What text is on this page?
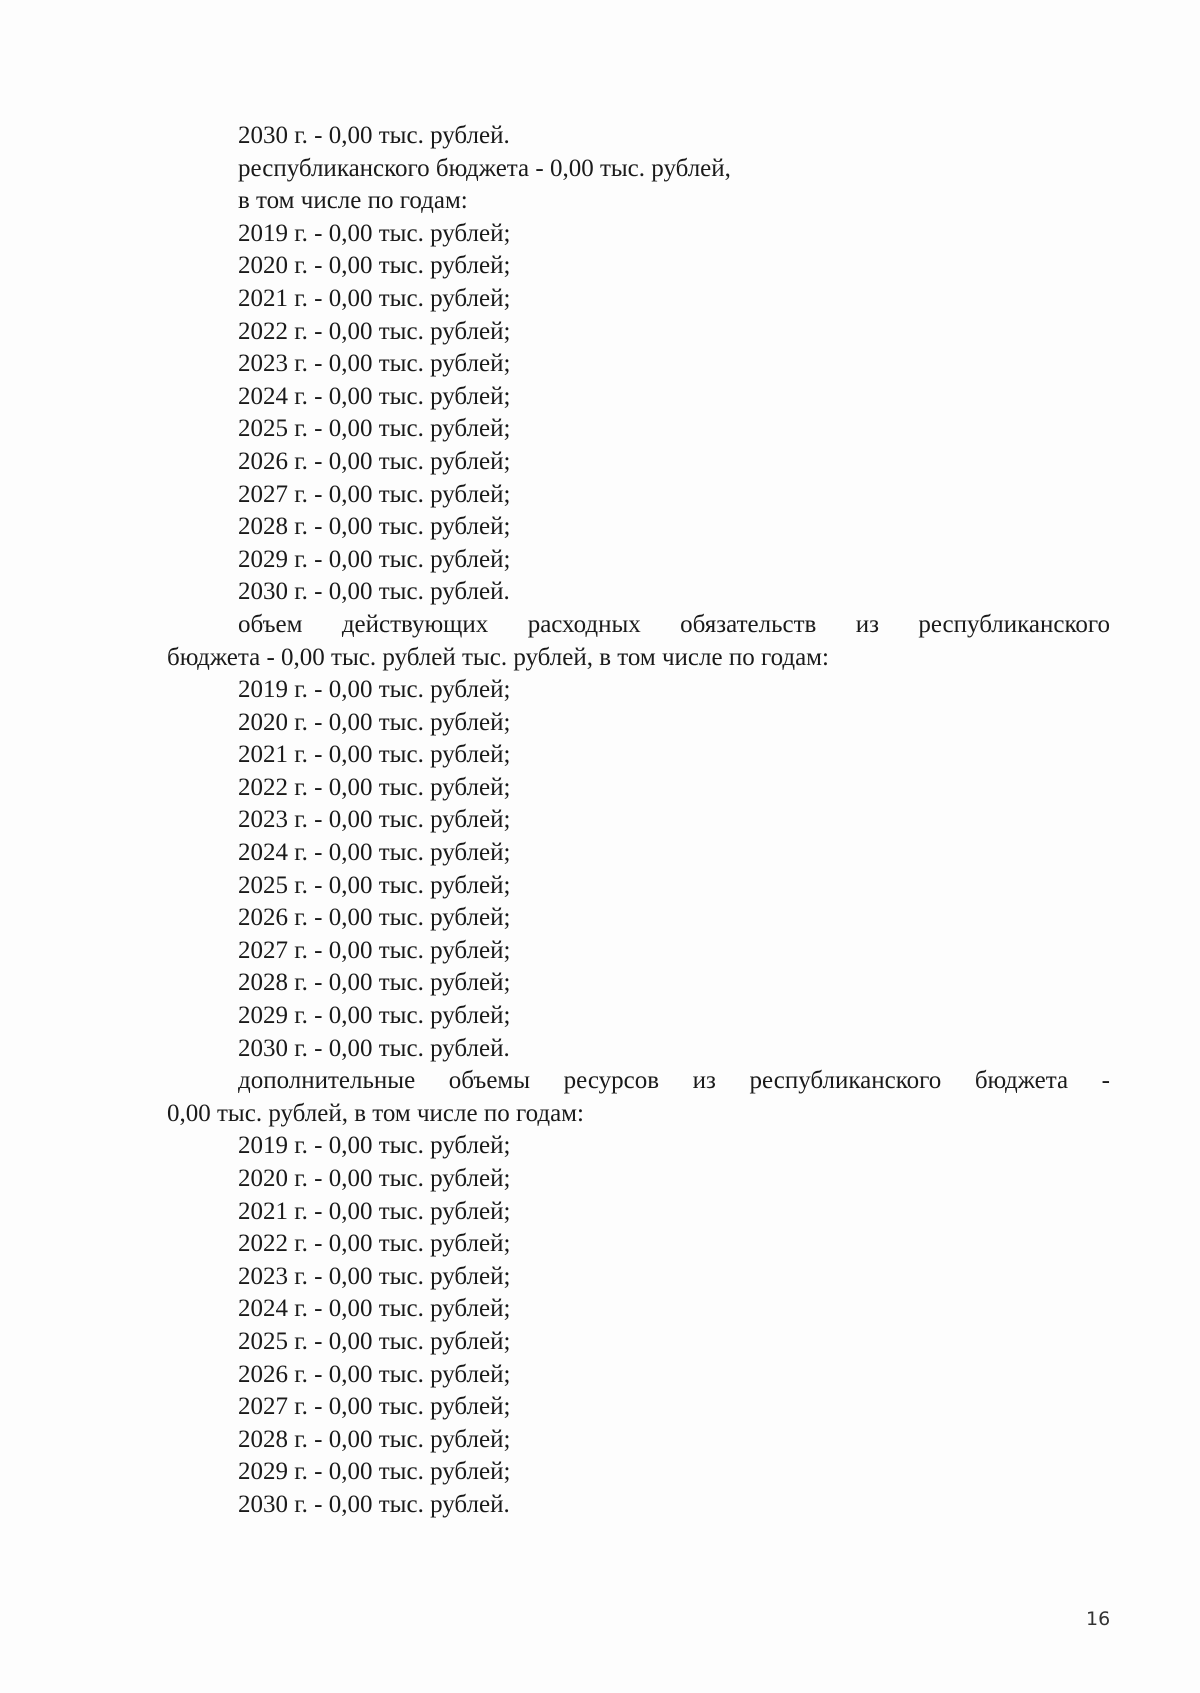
2030 г. - 0,00 тыс. рублей.
республиканского бюджета - 0,00 тыс. рублей,
в том числе по годам:
2019 г. - 0,00 тыс. рублей;
2020 г. - 0,00 тыс. рублей;
2021 г. - 0,00 тыс. рублей;
2022 г. - 0,00 тыс. рублей;
2023 г. - 0,00 тыс. рублей;
2024 г. - 0,00 тыс. рублей;
2025 г. - 0,00 тыс. рублей;
2026 г. - 0,00 тыс. рублей;
2027 г. - 0,00 тыс. рублей;
2028 г. - 0,00 тыс. рублей;
2029 г. - 0,00 тыс. рублей;
2030 г. - 0,00 тыс. рублей.
объем действующих расходных обязательств из республиканского
бюджета - 0,00 тыс. рублей тыс. рублей, в том числе по годам:
2019 г. - 0,00 тыс. рублей;
2020 г. - 0,00 тыс. рублей;
2021 г. - 0,00 тыс. рублей;
2022 г. - 0,00 тыс. рублей;
2023 г. - 0,00 тыс. рублей;
2024 г. - 0,00 тыс. рублей;
2025 г. - 0,00 тыс. рублей;
2026 г. - 0,00 тыс. рублей;
2027 г. - 0,00 тыс. рублей;
2028 г. - 0,00 тыс. рублей;
2029 г. - 0,00 тыс. рублей;
2030 г. - 0,00 тыс. рублей.
дополнительные объемы ресурсов из республиканского бюджета -
0,00 тыс. рублей, в том числе по годам:
2019 г. - 0,00 тыс. рублей;
2020 г. - 0,00 тыс. рублей;
2021 г. - 0,00 тыс. рублей;
2022 г. - 0,00 тыс. рублей;
2023 г. - 0,00 тыс. рублей;
2024 г. - 0,00 тыс. рублей;
2025 г. - 0,00 тыс. рублей;
2026 г. - 0,00 тыс. рублей;
2027 г. - 0,00 тыс. рублей;
2028 г. - 0,00 тыс. рублей;
2029 г. - 0,00 тыс. рублей;
2030 г. - 0,00 тыс. рублей.
16
